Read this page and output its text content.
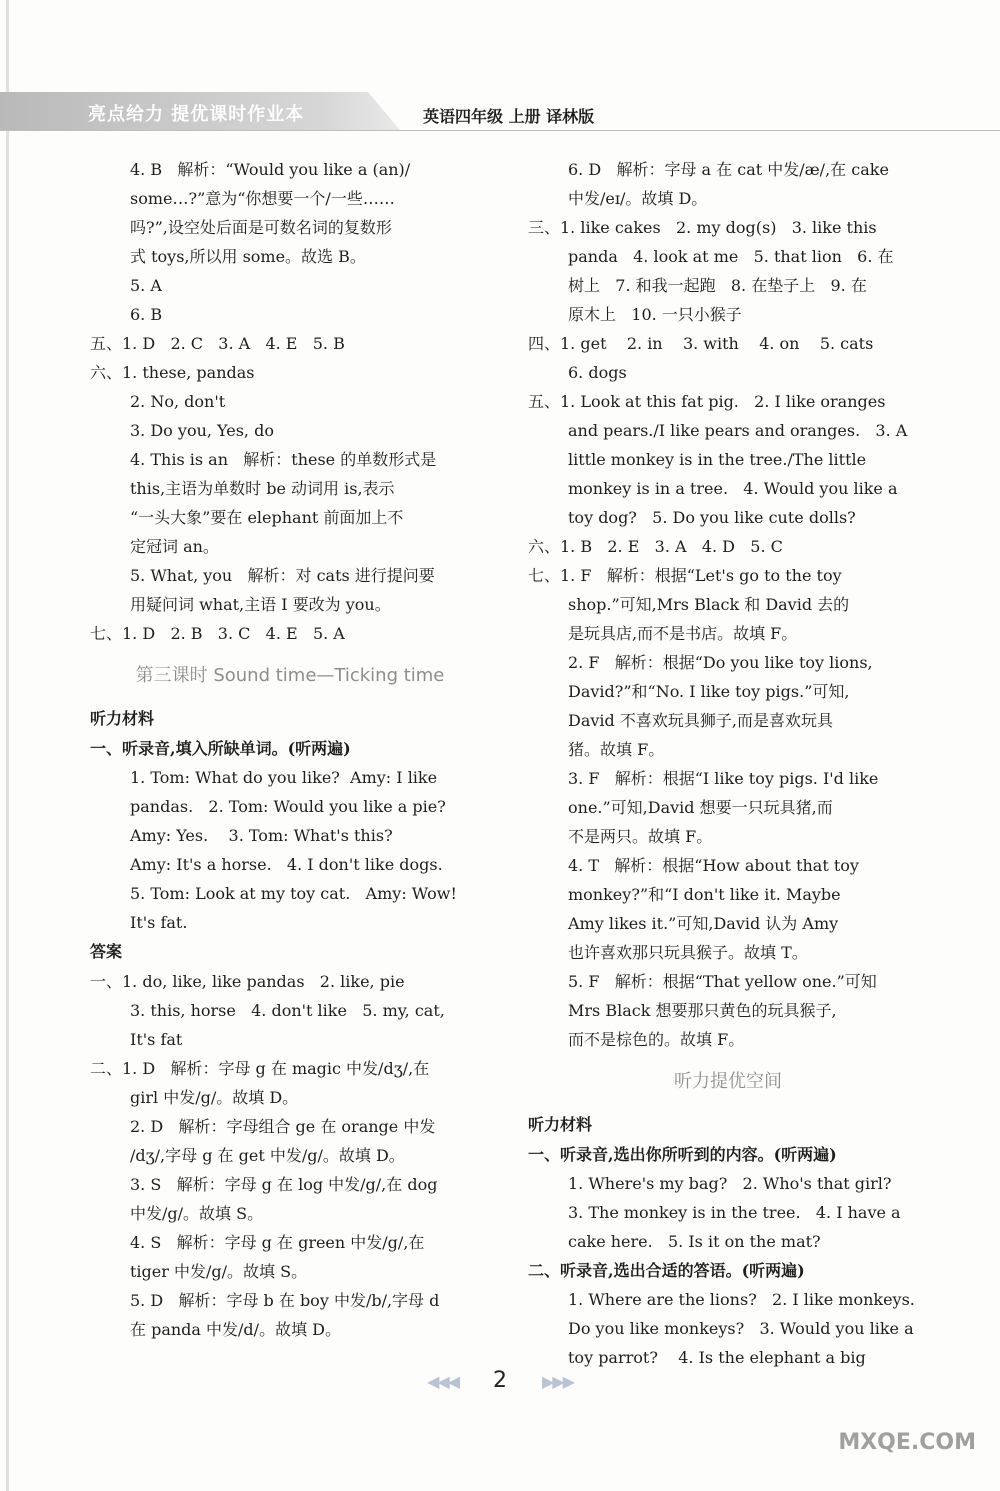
亮点给力 提优课时作业本	英语四年级 上册 译林版
4. B   解析：“Would you like a (an)/
some…?”意为“你想要一个/一些……
吗?”,设空处后面是可数名词的复数形
式 toys,所以用 some。故选 B。
5. A
6. B
五、1. D   2. C   3. A   4. E   5. B
六、1. these, pandas
2. No, don't
3. Do you, Yes, do
4. This is an   解析：these 的单数形式是
this,主语为单数时 be 动词用 is,表示
“一头大象”要在 elephant 前面加上不
定冠词 an。
5. What, you   解析：对 cats 进行提问要
用疑问词 what,主语 I 要改为 you。
七、1. D   2. B   3. C   4. E   5. A
第三课时 Sound time—Ticking time
听力材料
一、听录音,填入所缺单词。(听两遍)
1. Tom: What do you like?  Amy: I like
pandas.   2. Tom: Would you like a pie?
Amy: Yes.    3. Tom: What's this?
Amy: It's a horse.   4. I don't like dogs.
5. Tom: Look at my toy cat.   Amy: Wow!
It's fat.
答案
一、1. do, like, like pandas   2. like, pie
3. this, horse   4. don't like   5. my, cat,
It's fat
二、1. D   解析：字母 g 在 magic 中发/dʒ/,在
girl 中发/g/。故填 D。
2. D   解析：字母组合 ge 在 orange 中发
/dʒ/,字母 g 在 get 中发/g/。故填 D。
3. S   解析：字母 g 在 log 中发/g/,在 dog
中发/g/。故填 S。
4. S   解析：字母 g 在 green 中发/g/,在
tiger 中发/g/。故填 S。
5. D   解析：字母 b 在 boy 中发/b/,字母 d
在 panda 中发/d/。故填 D。
6. D   解析：字母 a 在 cat 中发/æ/,在 cake
中发/eɪ/。故填 D。
三、1. like cakes   2. my dog(s)   3. like this
panda   4. look at me   5. that lion   6. 在
树上   7. 和我一起跑   8. 在垫子上   9. 在
原木上   10. 一只小猴子
四、1. get    2. in    3. with    4. on    5. cats
6. dogs
五、1. Look at this fat pig.   2. I like oranges
and pears./I like pears and oranges.   3. A
little monkey is in the tree./The little
monkey is in a tree.   4. Would you like a
toy dog?   5. Do you like cute dolls?
六、1. B   2. E   3. A   4. D   5. C
七、1. F   解析：根据“Let's go to the toy
shop.”可知,Mrs Black 和 David 去的
是玩具店,而不是书店。故填 F。
2. F   解析：根据“Do you like toy lions,
David?”和“No. I like toy pigs.”可知,
David 不喜欢玩具狮子,而是喜欢玩具
猪。故填 F。
3. F   解析：根据“I like toy pigs. I'd like
one.”可知,David 想要一只玩具猪,而
不是两只。故填 F。
4. T   解析：根据“How about that toy
monkey?”和“I don't like it. Maybe
Amy likes it.”可知,David 认为 Amy
也许喜欢那只玩具猴子。故填 T。
5. F   解析：根据“That yellow one.”可知
Mrs Black 想要那只黄色的玩具猴子,
而不是棕色的。故填 F。
听力提优空间
听力材料
一、听录音,选出你所听到的内容。(听两遍)
1. Where's my bag?   2. Who's that girl?
3. The monkey is in the tree.   4. I have a
cake here.   5. Is it on the mat?
二、听录音,选出合适的答语。(听两遍)
1. Where are the lions?   2. I like monkeys.
Do you like monkeys?   3. Would you like a
toy parrot?    4. Is the elephant a big
◀◀◀ 2 ▶▶▶
MXQE.COM
